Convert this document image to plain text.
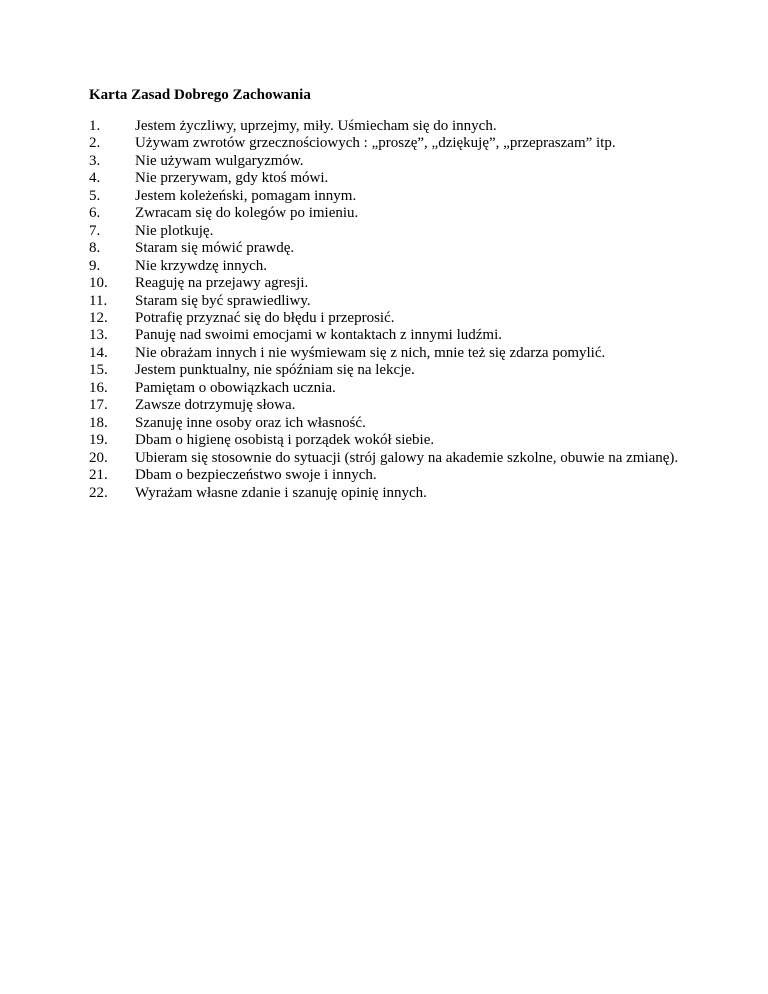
Karta Zasad Dobrego Zachowania
1.	Jestem życzliwy, uprzejmy, miły. Uśmiecham się do innych.
2.	Używam zwrotów grzecznościowych : „proszę”, „dziękuję”, „przepraszam” itp.
3.	Nie używam wulgaryzmów.
4.	Nie przerywam, gdy ktoś mówi.
5.	Jestem koleżeński, pomagam innym.
6.	Zwracam się do kolegów po imieniu.
7.	Nie plotkuję.
8.	Staram się mówić prawdę.
9.	Nie krzywdzę innych.
10.	Reaguję na przejawy agresji.
11.	Staram się być sprawiedliwy.
12.	Potrafię przyznać się do błędu i przeprosić.
13.	Panuję nad swoimi emocjami w kontaktach z innymi ludźmi.
14.	Nie obrażam innych i nie wyśmiewam się z nich, mnie też się zdarza pomylić.
15.	Jestem punktualny, nie spóźniam się na lekcje.
16.	Pamiętam o obowiązkach ucznia.
17.	Zawsze dotrzymuję słowa.
18.	Szanuję inne osoby oraz ich własność.
19.	Dbam o higienę osobistą i porządek wokół siebie.
20.	Ubieram się stosownie do sytuacji (strój galowy na akademie szkolne, obuwie na zmianę).
21.	Dbam o bezpieczeństwo swoje i innych.
22.	Wyrażam własne zdanie i szanuję opinię innych.
